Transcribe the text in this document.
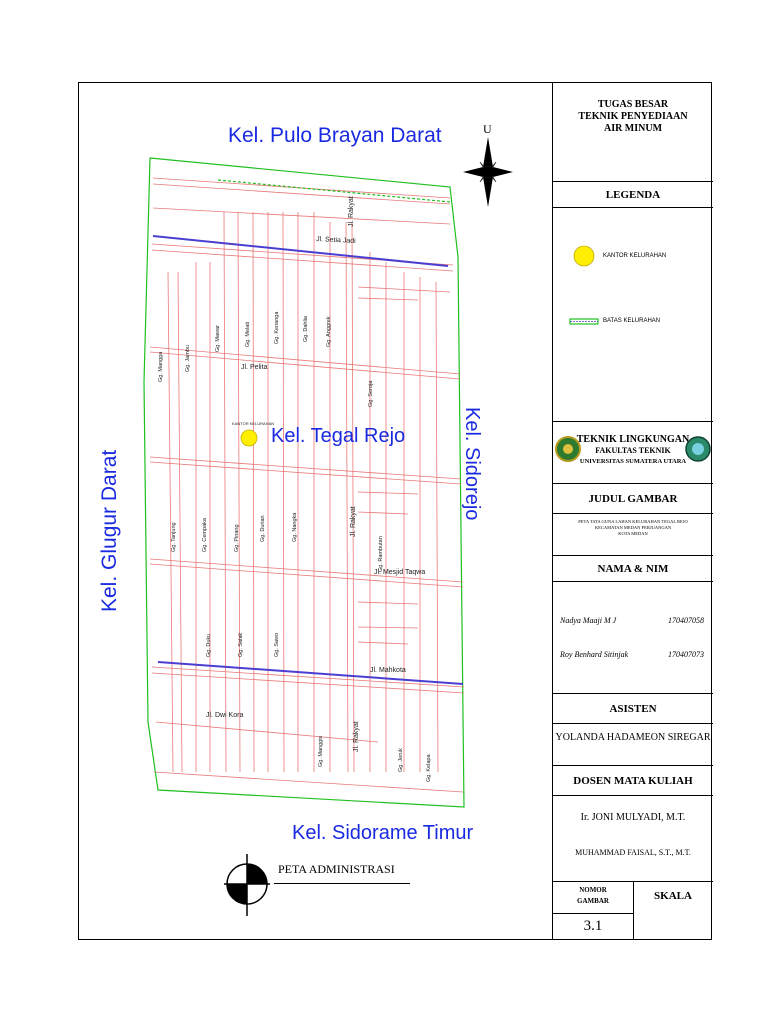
Kel. Pulo Brayan Darat
Kel. Tegal Rejo
Kel. Glugur Darat	Kel. Sidorejo
Kel. Sidorame Timur
KANTOR KELURAHAN
Jl. Setia Jadi
Jl. Rakyat
Jl. Pelita
Jl. Rakyat
Jl. Mesjid Taqwa
Jl. Mahkota
Jl. Dwi Kora
Jl. Rakyat
Gg. Mangga	Gg. Jambu
Gg. Mawar	Gg. Melati	Gg. Kenanga	Gg. Dahlia	Gg. Anggrek
Gg. Seroja
Gg. Tanjung	Gg. Cempaka	Gg. Pinang	Gg. Durian	Gg. Nangka
Gg. Rambutan
Gg. Duku	Gg. Salak	Gg. Sawo
Gg. Manggis	Gg. Jeruk	Gg. Kelapa
U
PETA ADMINISTRASI
TUGAS BESAR
TEKNIK PENYEDIAAN
AIR MINUM
LEGENDA
KANTOR KELURAHAN
BATAS KELURAHAN
TEKNIK LINGKUNGAN
FAKULTAS TEKNIK
UNIVERSITAS SUMATERA UTARA
JUDUL GAMBAR
PETA TATA GUNA LAHAN KELURAHAN TEGAL REJO
KECAMATAN MEDAN PERJUANGAN
KOTA MEDAN
NAMA & NIM
Nadya Maaji M J	170407058
Roy Benhard Sitinjak	170407073
ASISTEN
YOLANDA HADAMEON SIREGAR
DOSEN MATA KULIAH
Ir. JONI MULYADI, M.T.
MUHAMMAD FAISAL, S.T., M.T.
NOMOR
GAMBAR
3.1
SKALA
